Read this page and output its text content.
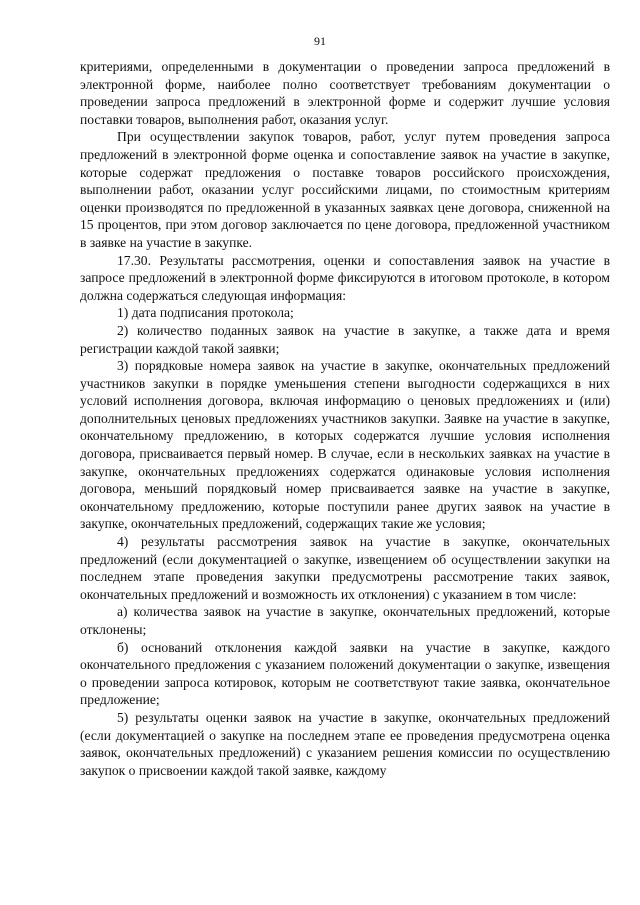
91

критериями, определенными в документации о проведении запроса предложений в электронной форме, наиболее полно соответствует требованиям документации о проведении запроса предложений в электронной форме и содержит лучшие условия поставки товаров, выполнения работ, оказания услуг.

При осуществлении закупок товаров, работ, услуг путем проведения запроса предложений в электронной форме оценка и сопоставление заявок на участие в закупке, которые содержат предложения о поставке товаров российского происхождения, выполнении работ, оказании услуг российскими лицами, по стоимостным критериям оценки производятся по предложенной в указанных заявках цене договора, сниженной на 15 процентов, при этом договор заключается по цене договора, предложенной участником в заявке на участие в закупке.

17.30. Результаты рассмотрения, оценки и сопоставления заявок на участие в запросе предложений в электронной форме фиксируются в итоговом протоколе, в котором должна содержаться следующая информация:

1) дата подписания протокола;

2) количество поданных заявок на участие в закупке, а также дата и время регистрации каждой такой заявки;

3) порядковые номера заявок на участие в закупке, окончательных предложений участников закупки в порядке уменьшения степени выгодности содержащихся в них условий исполнения договора, включая информацию о ценовых предложениях и (или) дополнительных ценовых предложениях участников закупки. Заявке на участие в закупке, окончательному предложению, в которых содержатся лучшие условия исполнения договора, присваивается первый номер. В случае, если в нескольких заявках на участие в закупке, окончательных предложениях содержатся одинаковые условия исполнения договора, меньший порядковый номер присваивается заявке на участие в закупке, окончательному предложению, которые поступили ранее других заявок на участие в закупке, окончательных предложений, содержащих такие же условия;

4) результаты рассмотрения заявок на участие в закупке, окончательных предложений (если документацией о закупке, извещением об осуществлении закупки на последнем этапе проведения закупки предусмотрены рассмотрение таких заявок, окончательных предложений и возможность их отклонения) с указанием в том числе:

а) количества заявок на участие в закупке, окончательных предложений, которые отклонены;

б) оснований отклонения каждой заявки на участие в закупке, каждого окончательного предложения с указанием положений документации о закупке, извещения о проведении запроса котировок, которым не соответствуют такие заявка, окончательное предложение;

5) результаты оценки заявок на участие в закупке, окончательных предложений (если документацией о закупке на последнем этапе ее проведения предусмотрена оценка заявок, окончательных предложений) с указанием решения комиссии по осуществлению закупок о присвоении каждой такой заявке, каждому
